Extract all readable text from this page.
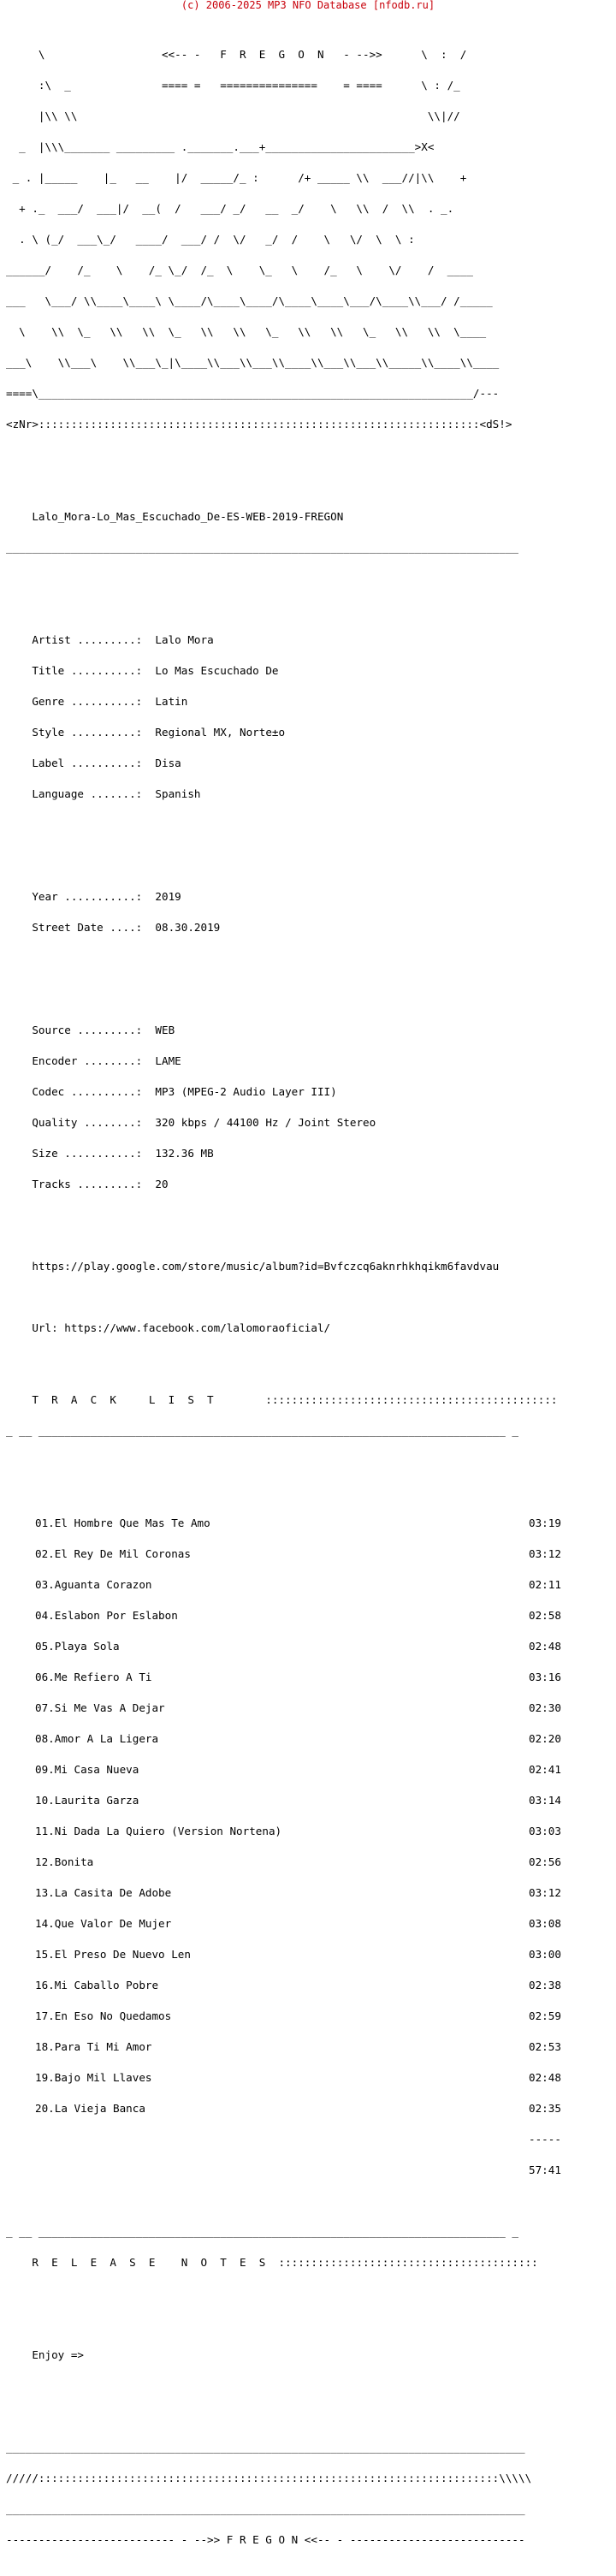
(c) 2006-2025 MP3 NFO Database [nfodb.ru]

\                  <<-- -   F  R  E  G  O  N   - -->>      \  :  /

:\  _              ==== =   ===============    = ====      \ : /_

|\\ \\                                                      \\|//

_  |\\\_______ _________ ._______.___+_______________________>X<

_ . |_____    |_   __    |/  _____/_ :      /+ _____ \\  ___//|\\    +

+ ._  ___/  ___|/  __(  /   ___/ _/   __  _/    \   \\  /  \\  . _.

. \ (_/  ___\_/   ____/  ___/ /  \/   _/  /    \   \/  \  \ :

______/    /_    \    /_ \_/  /_  \    \_   \    /_   \    \/    /  ____

___   \___/ \\____\____\ \____/\____\____/\____\____\___/\____\\___/ /_____

\    \\  \_   \\   \\  \_   \\   \\   \_   \\   \\   \_   \\   \\  \____

___\    \\___\    \\___\_|\____\\___\\___\\____\\___\\___\\_____\\____\\____

====\___________________________________________________________________/---

<zNr>::::::::::::::::::::::::::::::::::::::::::::::::::::::::::::::::::::<dS!>

Lalo_Mora-Lo_Mas_Escuchado_De-ES-WEB-2019-FREGON

_______________________________________________________________________________

Artist .........: Lalo Mora

Title ..........: Lo Mas Escuchado De

Genre ..........: Latin

Style ..........: Regional MX, Norte±o

Label ..........: Disa

Language .......: Spanish

Year ...........: 2019

Street Date ....: 08.30.2019

Source .........: WEB

Encoder ........: LAME

Codec ..........: MP3 (MPEG-2 Audio Layer III)

Quality ........: 320 kbps / 44100 Hz / Joint Stereo

Size ...........: 132.36 MB

Tracks .........: 20

https://play.google.com/store/music/album?id=Bvfczcq6aknrhkhqikm6favdvau

Url: https://www.facebook.com/lalomoraoficial/

T  R  A  C  K     L  I  S  T        :::::::::::::::::::::::::::::::::::::::::::::

_ __ ________________________________________________________________________ _

01.El Hombre Que Mas Te Amo	03:19

02.El Rey De Mil Coronas	03:12

03.Aguanta Corazon	02:11

04.Eslabon Por Eslabon	02:58

05.Playa Sola	02:48

06.Me Refiero A Ti	03:16

07.Si Me Vas A Dejar	02:30

08.Amor A La Ligera	02:20

09.Mi Casa Nueva	02:41

10.Laurita Garza	03:14

11.Ni Dada La Quiero (Version Nortena)	03:03

12.Bonita	02:56

13.La Casita De Adobe	03:12

14.Que Valor De Mujer	03:08

15.El Preso De Nuevo Len	03:00

16.Mi Caballo Pobre	02:38

17.En Eso No Quedamos	02:59

18.Para Ti Mi Amor	02:53

19.Bajo Mil Llaves	02:48

20.La Vieja Banca	02:35

-----

57:41

_ __ ________________________________________________________________________ _

R  E  L  E  A  S  E    N  O  T  E  S  ::::::::::::::::::::::::::::::::::::::::

Enjoy =>

________________________________________________________________________________

/////:::::::::::::::::::::::::::::::::::::::::::::::::::::::::::::::::::::::\\\\\

________________________________________________________________________________

-------------------------- - -->> F R E G O N <<-- - ---------------------------
